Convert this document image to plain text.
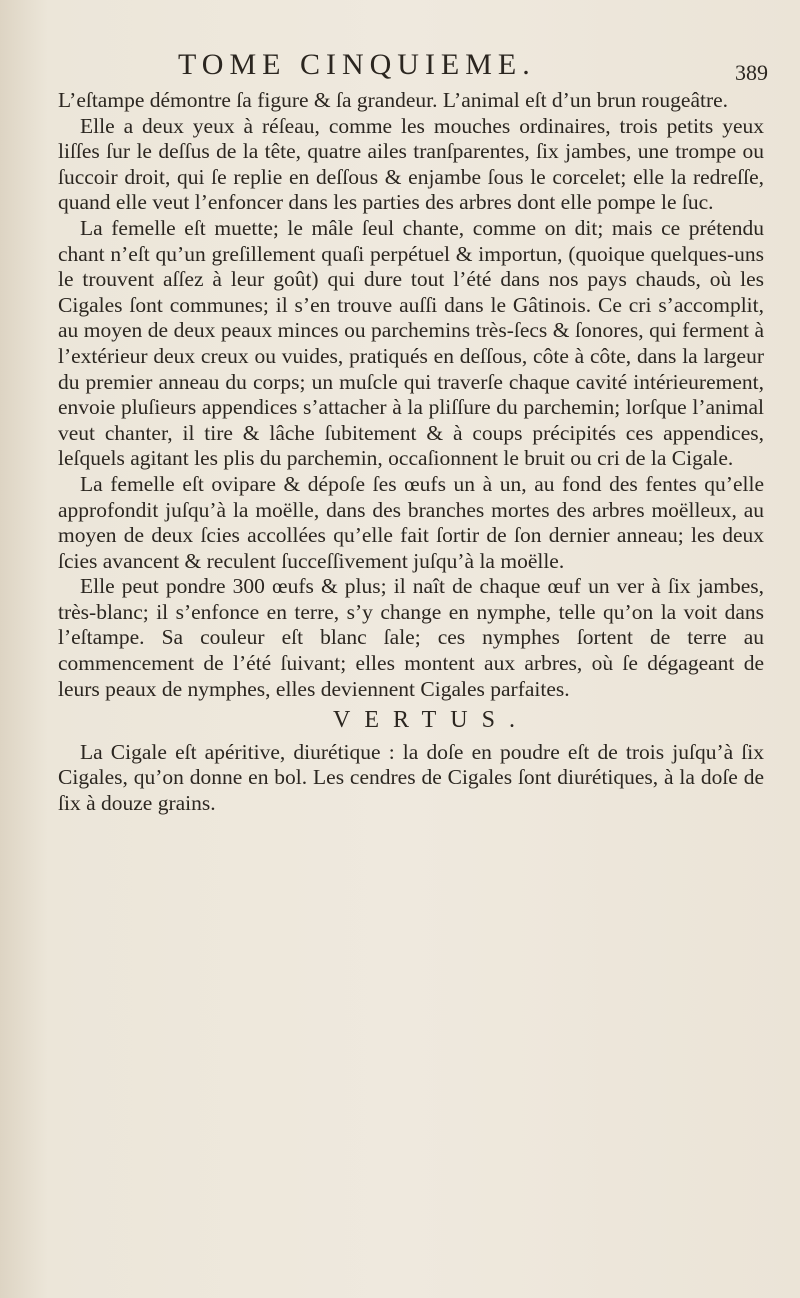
TOME CINQUIEME.	389

L’eſtampe démontre ſa figure & ſa grandeur. L’animal eſt d’un brun rougeâtre.

Elle a deux yeux à réſeau, comme les mouches ordinaires, trois petits yeux liſſes ſur le deſſus de la tête, quatre ailes tranſparentes, ſix jambes, une trompe ou ſuccoir droit, qui ſe replie en deſſous & enjambe ſous le corcelet; elle la redreſſe, quand elle veut l’enfoncer dans les parties des arbres dont elle pompe le ſuc.

La femelle eſt muette; le mâle ſeul chante, comme on dit; mais ce prétendu chant n’eſt qu’un greſillement quaſi perpétuel & importun, (quoique quelques-uns le trouvent aſſez à leur goût) qui dure tout l’été dans nos pays chauds, où les Cigales ſont communes; il s’en trouve auſſi dans le Gâtinois. Ce cri s’accomplit, au moyen de deux peaux minces ou parchemins très-ſecs & ſonores, qui ferment à l’extérieur deux creux ou vuides, pratiqués en deſſous, côte à côte, dans la largeur du premier anneau du corps; un muſcle qui traverſe chaque cavité intérieurement, envoie pluſieurs appendices s’attacher à la pliſſure du parchemin; lorſque l’animal veut chanter, il tire & lâche ſubitement & à coups précipités ces appendices, leſquels agitant les plis du parchemin, occaſionnent le bruit ou cri de la Cigale.

La femelle eſt ovipare & dépoſe ſes œufs un à un, au fond des fentes qu’elle approfondit juſqu’à la moëlle, dans des branches mortes des arbres moëlleux, au moyen de deux ſcies accollées qu’elle fait ſortir de ſon dernier anneau; les deux ſcies avancent & reculent ſucceſſivement juſqu’à la moëlle.

Elle peut pondre 300 œufs & plus; il naît de chaque œuf un ver à ſix jambes, très-blanc; il s’enfonce en terre, s’y change en nymphe, telle qu’on la voit dans l’eſtampe. Sa couleur eſt blanc ſale; ces nymphes ſortent de terre au commencement de l’été ſuivant; elles montent aux arbres, où ſe dégageant de leurs peaux de nymphes, elles deviennent Cigales parfaites.

VERTUS.

La Cigale eſt apéritive, diurétique : la doſe en poudre eſt de trois juſqu’à ſix Cigales, qu’on donne en bol. Les cendres de Cigales ſont diurétiques, à la doſe de ſix à douze grains.
